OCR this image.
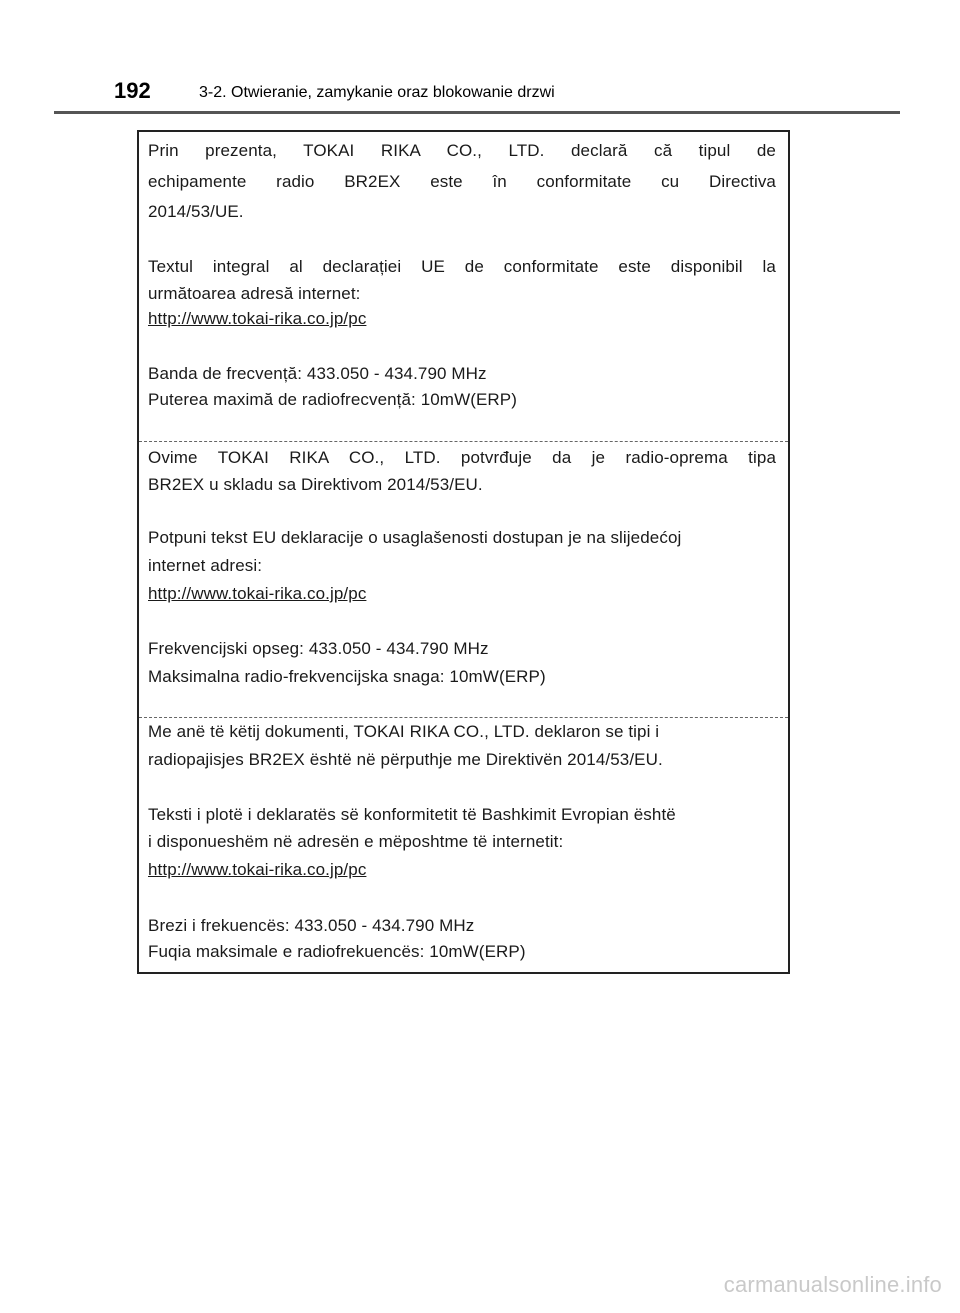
192	3-2. Otwieranie, zamykanie oraz blokowanie drzwi
Prin prezenta, TOKAI RIKA CO., LTD. declară că tipul de
echipamente radio BR2EX este în conformitate cu Directiva
2014/53/UE.
Textul integral al declarației UE de conformitate este disponibil la
următoarea adresă internet:
http://www.tokai-rika.co.jp/pc
Banda de frecvență: 433.050 - 434.790 MHz
Puterea maximă de radiofrecvență: 10mW(ERP)
Ovime TOKAI RIKA CO., LTD. potvrđuje da je radio-oprema tipa
BR2EX u skladu sa Direktivom 2014/53/EU.
Potpuni tekst EU deklaracije o usaglašenosti dostupan je na slijedećoj
internet adresi:
http://www.tokai-rika.co.jp/pc
Frekvencijski opseg: 433.050 - 434.790 MHz
Maksimalna radio-frekvencijska snaga: 10mW(ERP)
Me anë të këtij dokumenti, TOKAI RIKA CO., LTD. deklaron se tipi i
radiopajisjes BR2EX është në përputhje me Direktivën 2014/53/EU.
Teksti i plotë i deklaratës së konformitetit të Bashkimit Evropian është
i disponueshëm në adresën e mëposhtme të internetit:
http://www.tokai-rika.co.jp/pc
Brezi i frekuencës: 433.050 - 434.790 MHz
Fuqia maksimale e radiofrekuencës: 10mW(ERP)
carmanualsonline.info
